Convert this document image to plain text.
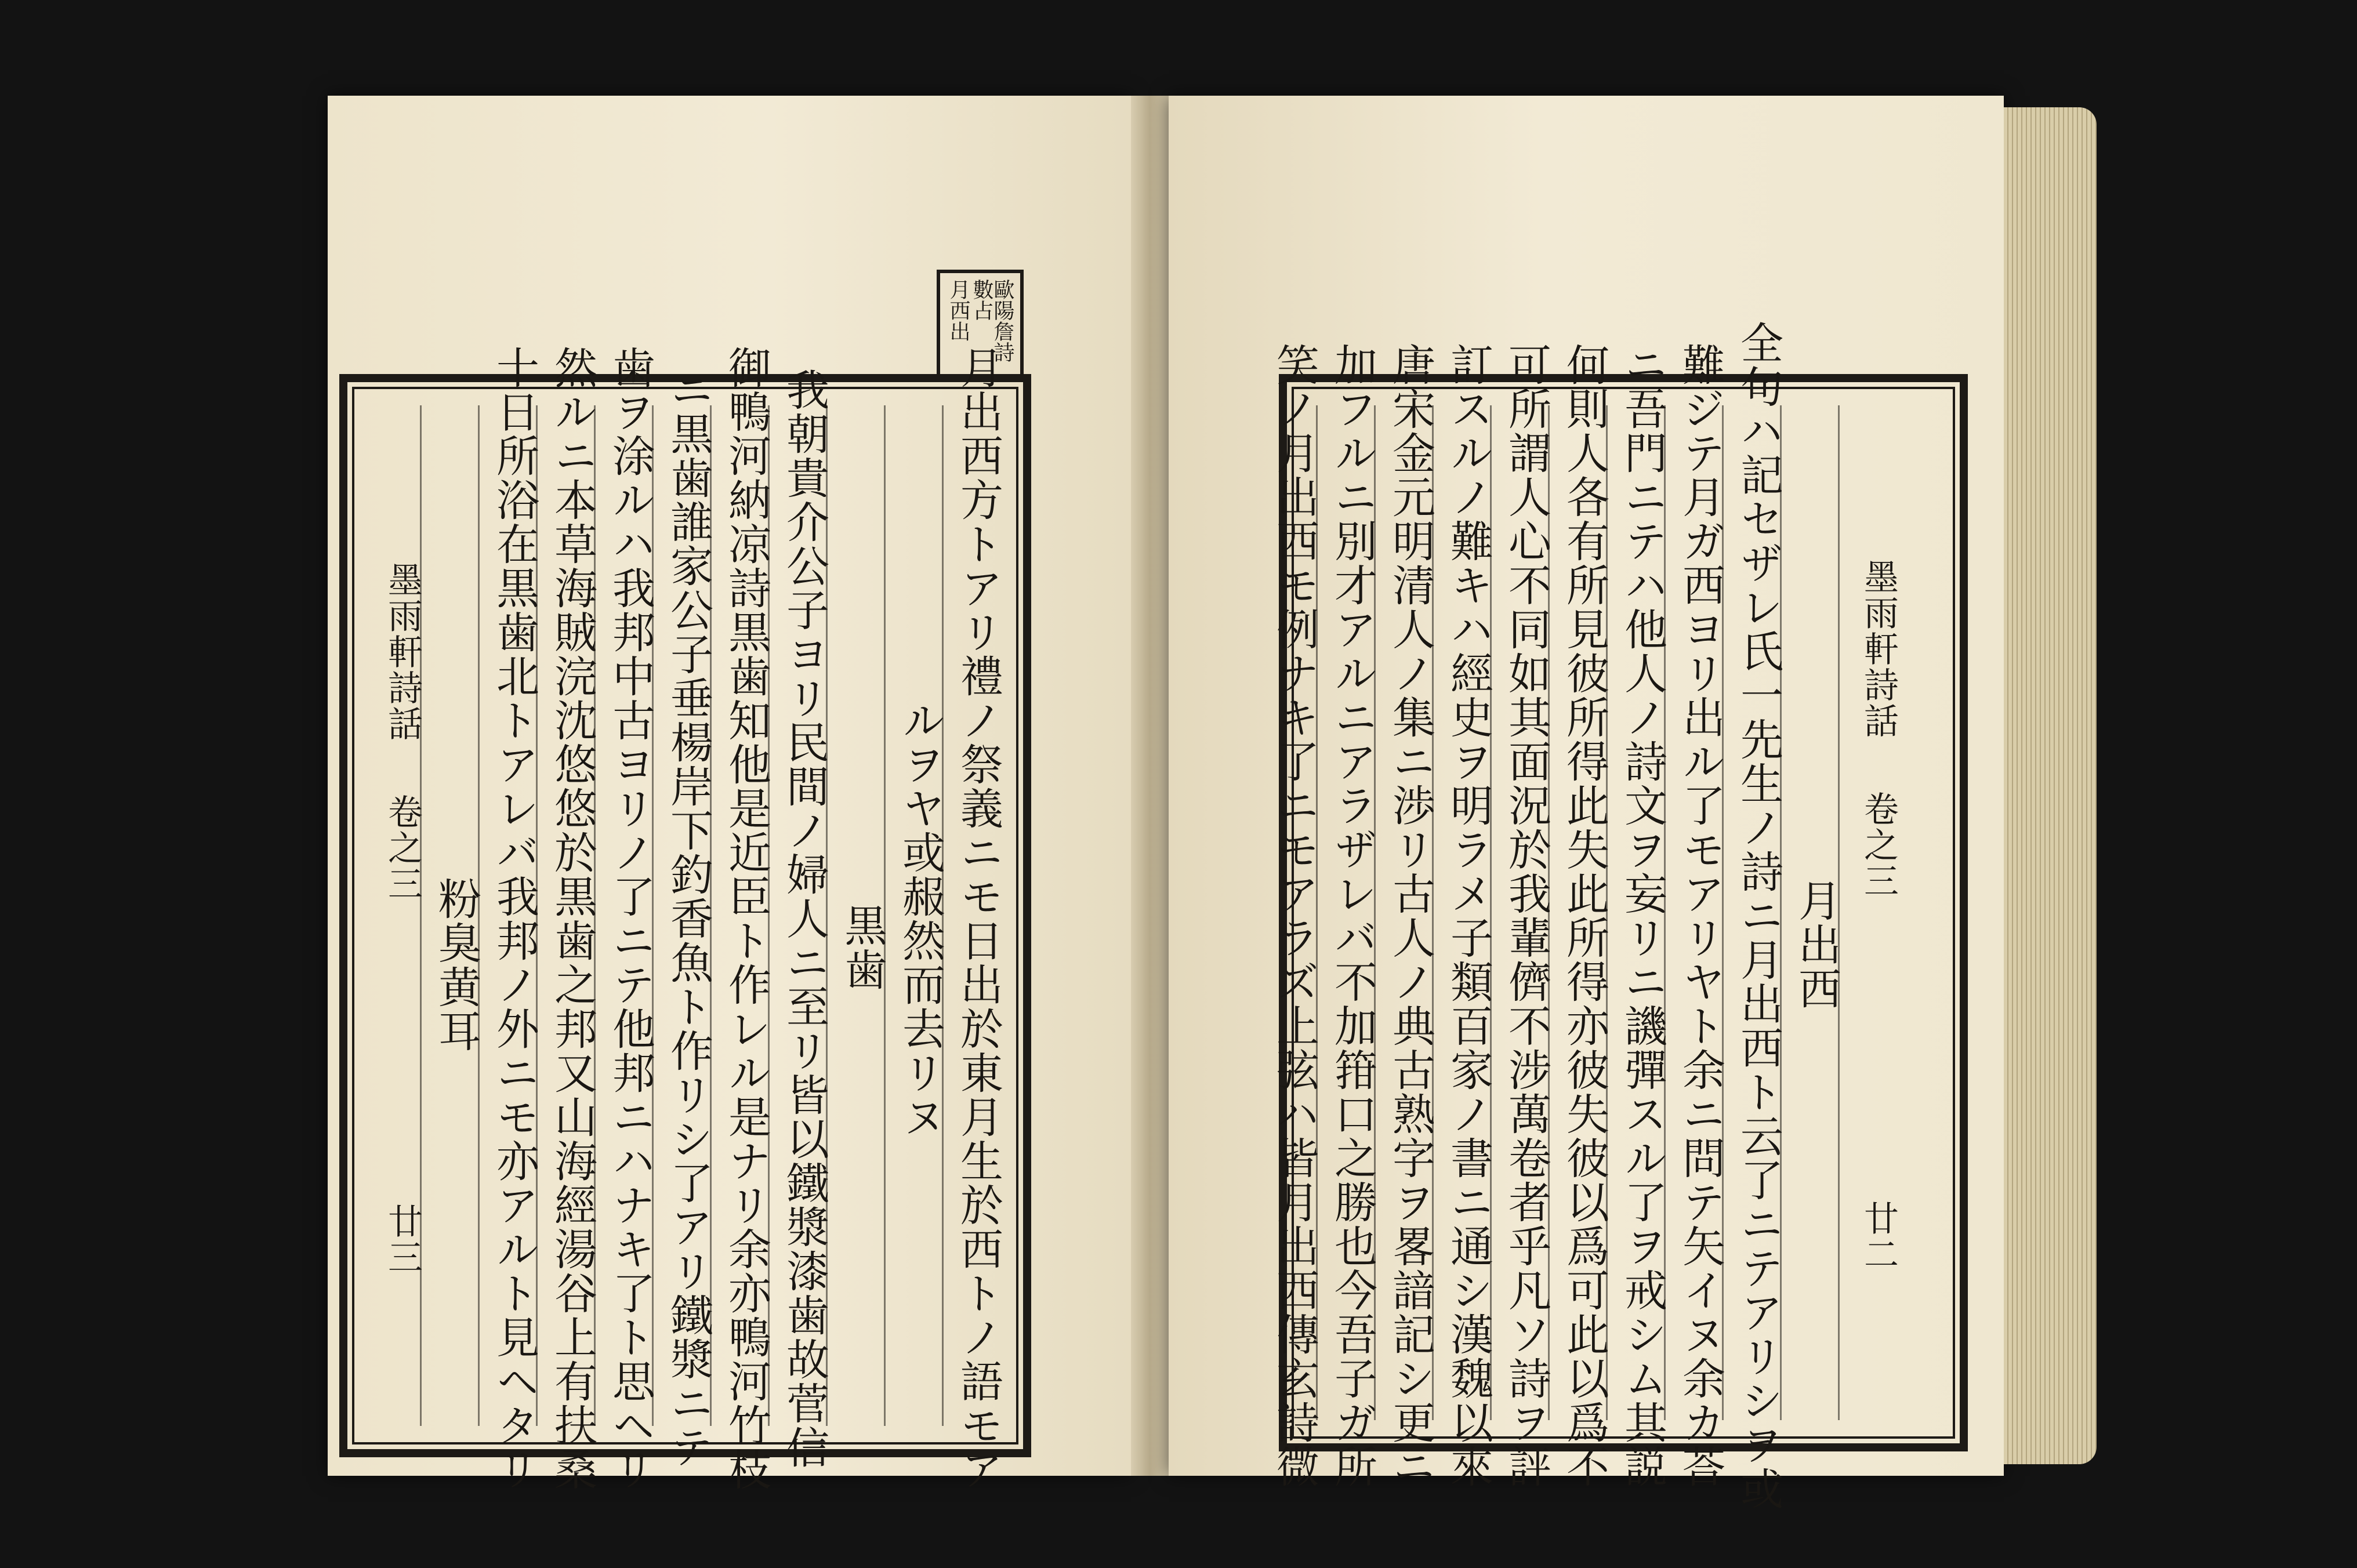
歐陽詹詩數占
月西出
月出西方トアリ禮ノ祭義ニモ日出於東月生於西トノ語モア
ルヲヤ或赧然而去リヌ
黒歯
我朝貴介公子ヨリ民間ノ婦人ニ至リ皆以鐵漿漆歯故菅信
御鴨河納凉詩黒歯知他是近臣ト作レル是ナリ余亦鴨河竹枝
ニ黒歯誰家公子垂楊岸下釣香魚ト作リシ了アリ鐵漿ニテ
歯ヲ涂ルハ我邦中古ヨリノ了ニテ他邦ニハナキ了ト思ヘリ
然ルニ本草海賊浣沈悠悠於黒歯之邦又山海經湯谷上有扶桑
十日所浴在黒歯北トアレバ我邦ノ外ニモ亦アルト見ヘタリ
粉臭黄耳
墨雨軒詩話
卷之三
廿三

墨雨軒詩話
卷之三
廿二
月出西
全句ハ記セザレ氏一先生ノ詩ニ月出西ト云了ニテアリシヲ或
難ジテ月ガ西ヨリ出ル了モアリヤト余ニ問テ矢イヌ余カ荅
ニ吾門ニテハ他人ノ詩文ヲ妄リニ譏彈スル了ヲ戒シム其説
何則人各有所見彼所得此失此所得亦彼失彼以爲可此以爲不
可所謂人心不同如其面況於我輩儕不涉萬卷者乎凡ソ詩ヲ評
訂スルノ難キハ經史ヲ明ラメ子類百家ノ書ニ通シ漢魏以來
唐宋金元明清人ノ集ニ渉リ古人ノ典古熟字ヲ畧諳記シ更ニ
加フルニ別才アルニアラザレバ不加箝口之勝也今吾子ガ所
笑ノ月出西モ例ナキ了ニモアラズ上弦ハ皆月出西傳玄詩微
